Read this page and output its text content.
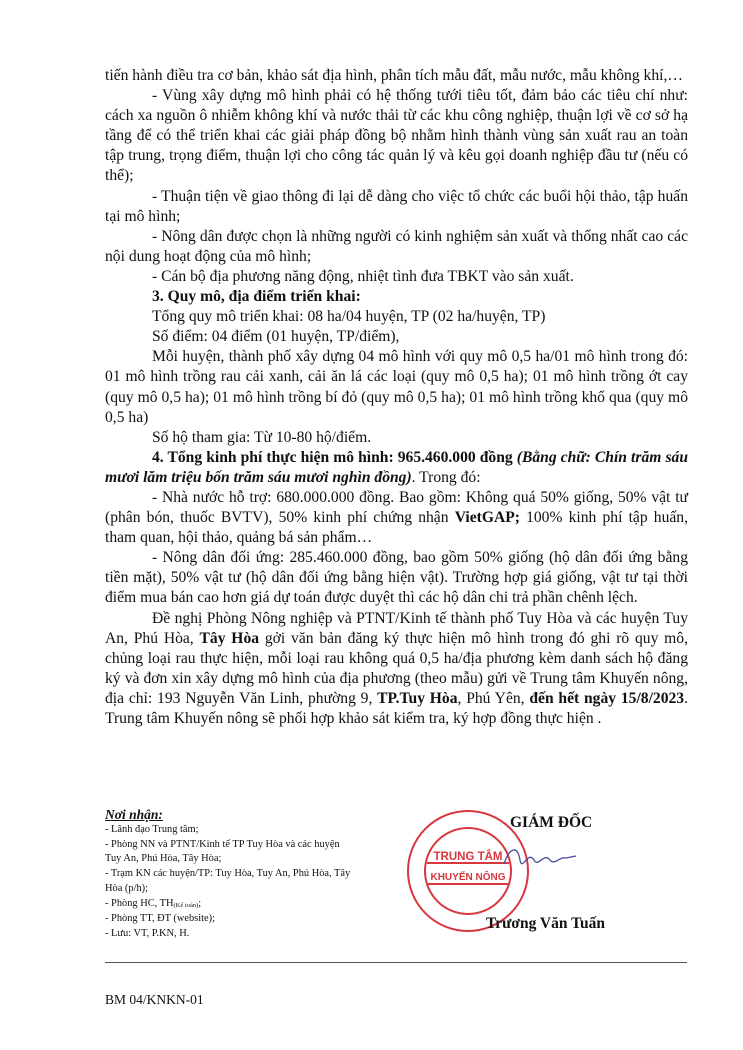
tiến hành điều tra cơ bản, khảo sát địa hình, phân tích mẫu đất, mẫu nước, mẫu không khí,…

- Vùng xây dựng mô hình phải có hệ thống tưới tiêu tốt, đảm bảo các tiêu chí như: cách xa nguồn ô nhiễm không khí và nước thải từ các khu công nghiệp, thuận lợi về cơ sở hạ tầng để có thể triển khai các giải pháp đồng bộ nhằm hình thành vùng sản xuất rau an toàn tập trung, trọng điểm, thuận lợi cho công tác quản lý và kêu gọi doanh nghiệp đầu tư (nếu có thể);

- Thuận tiện về giao thông đi lại dễ dàng cho việc tổ chức các buổi hội thảo, tập huấn tại mô hình;

- Nông dân được chọn là những người có kinh nghiệm sản xuất và thống nhất cao các nội dung hoạt động của mô hình;

- Cán bộ địa phương năng động, nhiệt tình đưa TBKT vào sản xuất.

3. Quy mô, địa điểm triển khai:

Tổng quy mô triển khai: 08 ha/04 huyện, TP (02 ha/huyện, TP)

Số điểm: 04 điểm (01 huyện, TP/điểm),

Mỗi huyện, thành phố xây dựng 04 mô hình với quy mô 0,5 ha/01 mô hình trong đó: 01 mô hình trồng rau cải xanh, cải ăn lá các loại (quy mô 0,5 ha); 01 mô hình trồng ớt cay (quy mô 0,5 ha); 01 mô hình trồng bí đỏ (quy mô 0,5 ha); 01 mô hình trồng khổ qua (quy mô 0,5 ha)

Số hộ tham gia: Từ 10-80 hộ/điểm.

4. Tổng kinh phí thực hiện mô hình: 965.460.000 đồng (Bằng chữ: Chín trăm sáu mươi lăm triệu bốn trăm sáu mươi nghìn đồng). Trong đó:

- Nhà nước hỗ trợ: 680.000.000 đồng. Bao gồm: Không quá 50% giống, 50% vật tư (phân bón, thuốc BVTV), 50% kinh phí chứng nhận VietGAP; 100% kinh phí tập huấn, tham quan, hội thảo, quảng bá sản phẩm…

- Nông dân đối ứng: 285.460.000 đồng, bao gồm 50% giống (hộ dân đối ứng bằng tiền mặt), 50% vật tư (hộ dân đối ứng bằng hiện vật). Trường hợp giá giống, vật tư tại thời điểm mua bán cao hơn giá dự toán được duyệt thì các hộ dân chi trả phần chênh lệch.

Đề nghị Phòng Nông nghiệp và PTNT/Kinh tế thành phố Tuy Hòa và các huyện Tuy An, Phú Hòa, Tây Hòa gởi văn bản đăng ký thực hiện mô hình trong đó ghi rõ quy mô, chủng loại rau thực hiện, mỗi loại rau không quá 0,5 ha/địa phương kèm danh sách hộ đăng ký và đơn xin xây dựng mô hình của địa phương (theo mẫu) gửi về Trung tâm Khuyến nông, địa chỉ: 193 Nguyễn Văn Linh, phường 9, TP.Tuy Hòa, Phú Yên, đến hết ngày 15/8/2023. Trung tâm Khuyến nông sẽ phối hợp khảo sát kiểm tra, ký hợp đồng thực hiện .

Nơi nhận:

- Lãnh đạo Trung tâm;

- Phòng NN và PTNT/Kinh tế TP Tuy Hòa và các huyện Tuy An, Phú Hòa, Tây Hòa;

- Trạm KN các huyện/TP: Tuy Hòa, Tuy An, Phú Hòa, Tây Hòa (p/h);

- Phòng HC, $TH_{(Kế toán)}$;

- Phòng TT, ĐT (website);

- Lưu: VT, P.KN, H.

TRUNG TÂM
KHUYẾN NÔNG
GIÁM ĐỐC
Trương Văn Tuấn
BM 04/KNKN-01
